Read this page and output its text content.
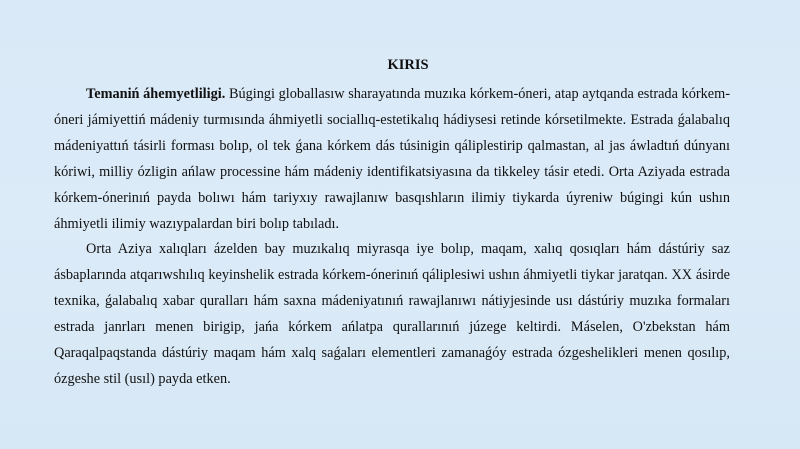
KIRIS

Temaniń áhemyetliligi. Búgingi globallasıw sharayatında muzıka kórkem-óneri, atap aytqanda estrada kórkem-óneri jámiyettiń mádeniy turmısında áhmiyetli sociallıq-estetikalıq hádiysesi retinde kórsetilmekte. Estrada ǵalabalıq mádeniyattıń tásirli forması bolıp, ol tek ǵana kórkem dás túsinigin qáliplestirip qalmastan, al jas áwladtıń dúnyanı kóriwi, milliy ózligin ańlaw processine hám mádeniy identifikatsiyasına da tikkeley tásir etedi. Orta Aziyada estrada kórkem-ónerinıń payda bolıwı hám tariyxıy rawajlanıw basqıshların ilimiy tiykarda úyreniw búgingi kún ushın áhmiyetli ilimiy wazıypalardan biri bolıp tabıladı.

Orta Aziya xalıqları ázelden bay muzıkalıq miyrasqa iye bolıp, maqam, xalıq qosıqları hám dástúriy saz ásbaplarında atqarıwshılıq keyinshelik estrada kórkem-ónerinıń qáliplesiwi ushın áhmiyetli tiykar jaratqan. XX ásirde texnika, ǵalabalıq xabar quralları hám saxna mádeniyatınıń rawajlanıwı nátiyjesinde usı dástúriy muzıka formaları estrada janrları menen birigip, jańa kórkem ańlatpa qurallarınıń júzege keltirdi. Máselen, O'zbekstan hám Qaraqalpaqstanda dástúriy maqam hám xalq saǵaları elementleri zamanaǵóy estrada ózgeshelikleri menen qosılıp, ózgeshe stil (usıl) payda etken.
